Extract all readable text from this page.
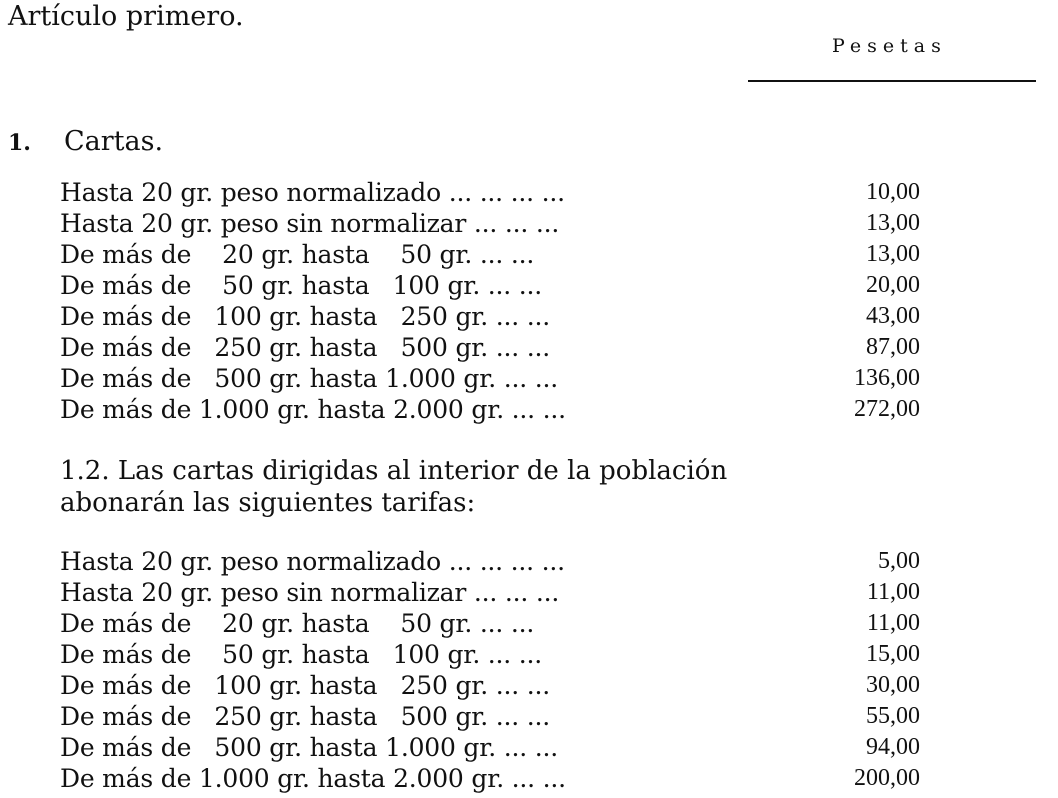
Artículo primero.
Pesetas
1. Cartas.
Hasta 20 gr. peso normalizado ... ... ... ...	10,00
Hasta 20 gr. peso sin normalizar ... ... ...	13,00
De más de    20 gr. hasta    50 gr. ... ...	13,00
De más de    50 gr. hasta   100 gr. ... ...	20,00
De más de   100 gr. hasta   250 gr. ... ...	43,00
De más de   250 gr. hasta   500 gr. ... ...	87,00
De más de   500 gr. hasta 1.000 gr. ... ...	136,00
De más de 1.000 gr. hasta 2.000 gr. ... ...	272,00
1.2. Las cartas dirigidas al interior de la población abonarán las siguientes tarifas:
Hasta 20 gr. peso normalizado ... ... ... ...	5,00
Hasta 20 gr. peso sin normalizar ... ... ...	11,00
De más de    20 gr. hasta    50 gr. ... ...	11,00
De más de    50 gr. hasta   100 gr. ... ...	15,00
De más de   100 gr. hasta   250 gr. ... ...	30,00
De más de   250 gr. hasta   500 gr. ... ...	55,00
De más de   500 gr. hasta 1.000 gr. ... ...	94,00
De más de 1.000 gr. hasta 2.000 gr. ... ...	200,00
